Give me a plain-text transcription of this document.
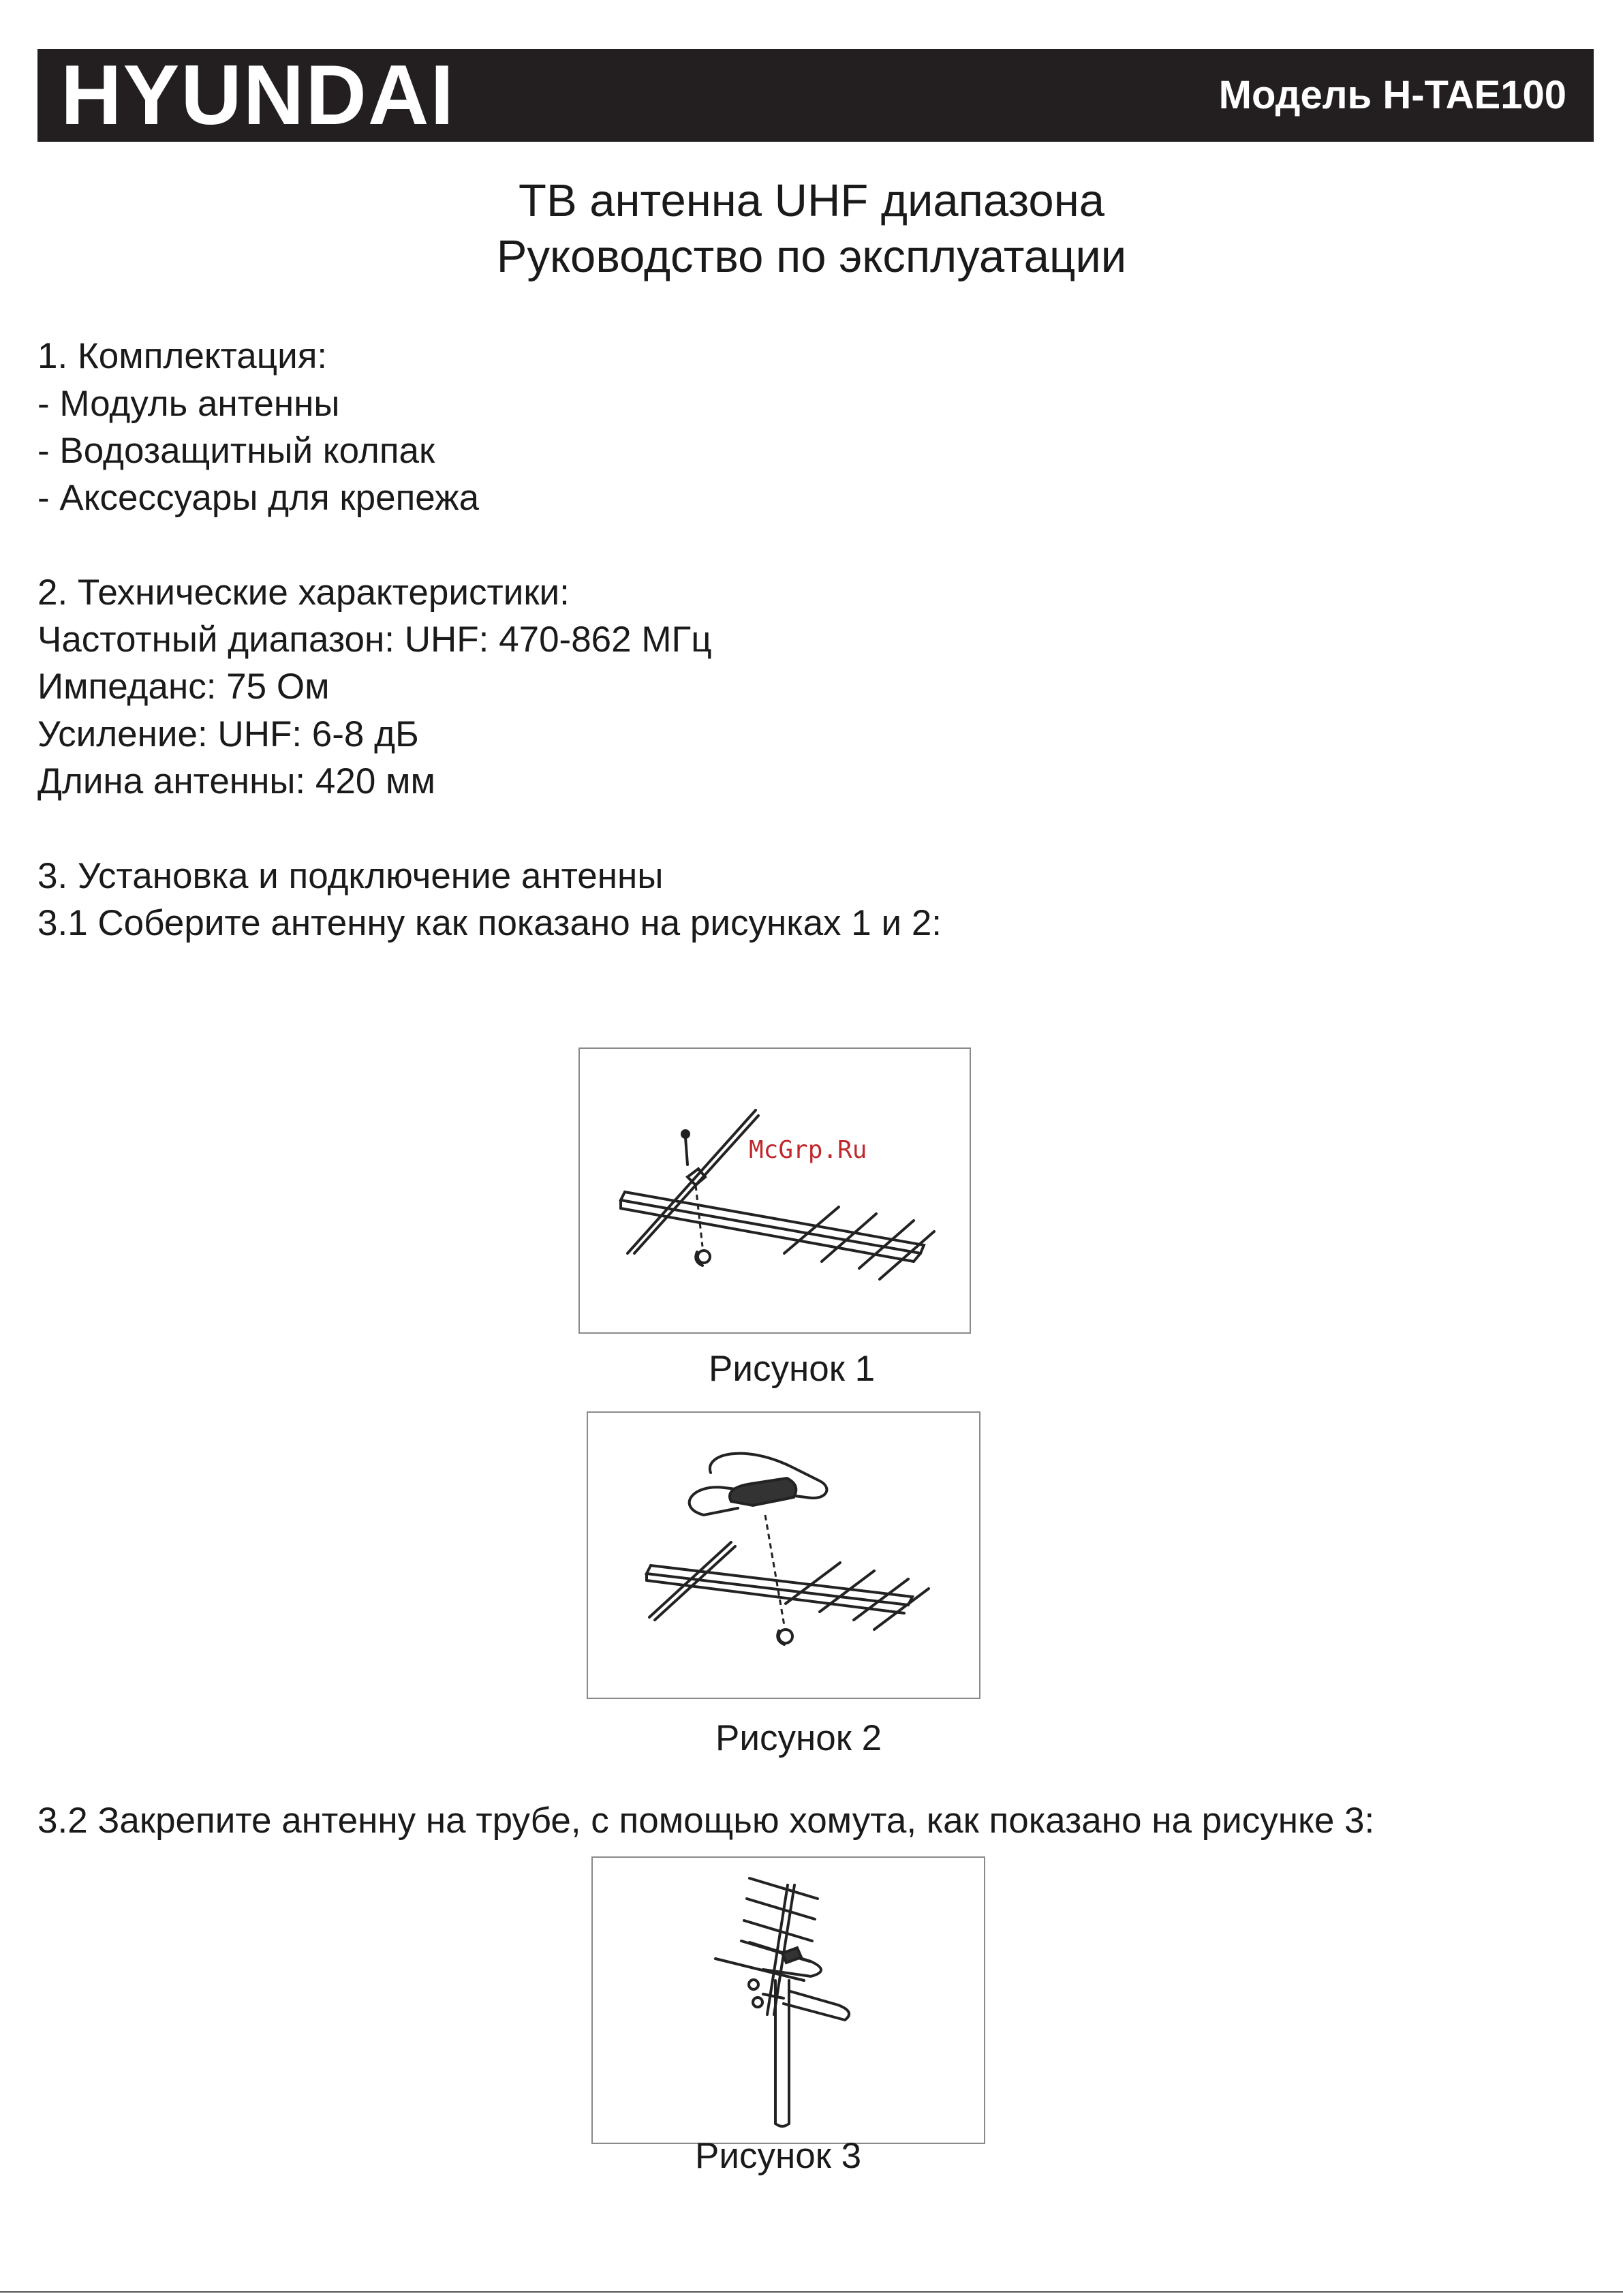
HYUNDAI	Модель H-TAE100
ТВ антенна UHF диапазона
Руководство по эксплуатации
1. Комплектация:
- Модуль антенны
- Водозащитный колпак
- Аксессуары для крепежа
2. Технические характеристики:
Частотный диапазон: UHF: 470-862 МГц
Импеданс: 75 Ом
Усиление: UHF: 6-8 дБ
Длина антенны: 420 мм
3. Установка и подключение антенны
3.1 Соберите антенну как показано на рисунках 1 и 2:
McGrp.Ru
Рисунок 1
Рисунок 2
3.2 Закрепите антенну на трубе, с помощью хомута, как показано на рисунке 3:
Рисунок 3
